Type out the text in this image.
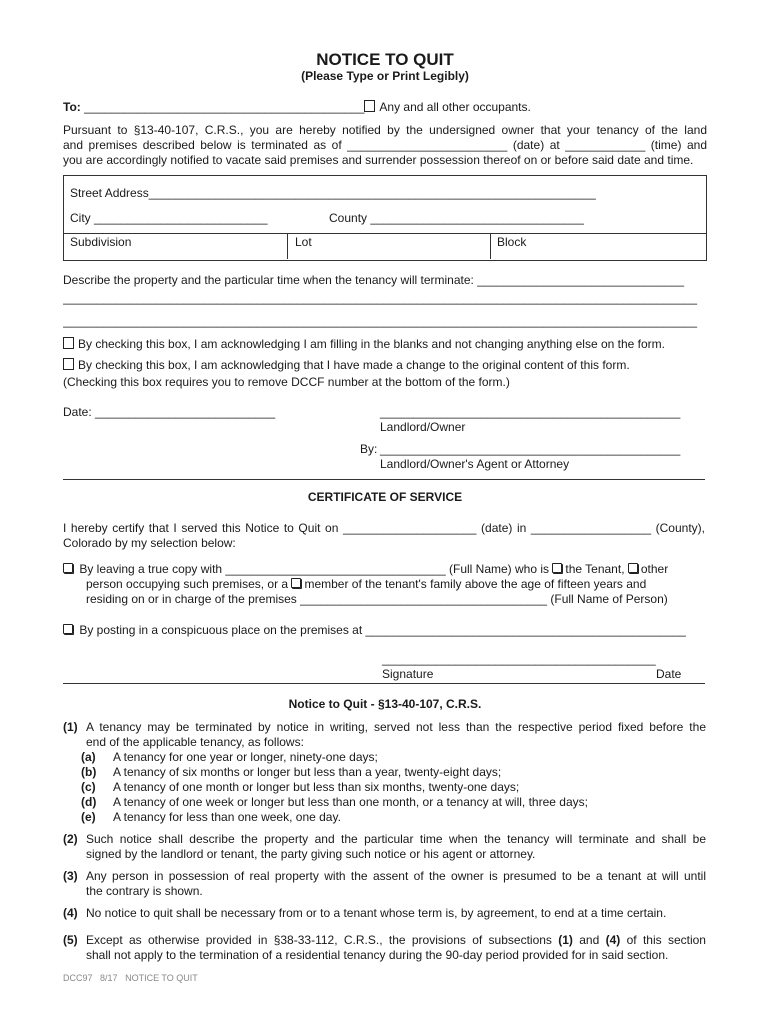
NOTICE TO QUIT
(Please Type or Print Legibly)
To: __________________________________________ Any and all other occupants.
Pursuant to §13-40-107, C.R.S., you are hereby notified by the undersigned owner that your tenancy of the land
and premises described below is terminated as of ________________________ (date) at ____________ (time) and
you are accordingly notified to vacate said premises and surrender possession thereof on or before said date and time.
Street Address___________________________________________________________________
City __________________________	County ________________________________
Subdivision	Lot	Block
Describe the property and the particular time when the tenancy will terminate: _______________________________
_______________________________________________________________________________________________
_______________________________________________________________________________________________
By checking this box, I am acknowledging I am filling in the blanks and not changing anything else on the form.
By checking this box, I am acknowledging that I have made a change to the original content of this form.
(Checking this box requires you to remove DCCF number at the bottom of the form.)
Date: ___________________________	_____________________________________________
Landlord/Owner
By: _____________________________________________
Landlord/Owner's Agent or Attorney
CERTIFICATE OF SERVICE
I hereby certify that I served this Notice to Quit on ____________________ (date) in __________________ (County),
Colorado by my selection below:
By leaving a true copy with _________________________________ (Full Name) who is the Tenant, other
person occupying such premises, or a member of the tenant's family above the age of fifteen years and
residing on or in charge of the premises _____________________________________ (Full Name of Person)
By posting in a conspicuous place on the premises at ________________________________________________
_________________________________________
Signature	Date
Notice to Quit - §13-40-107, C.R.S.
(1) A tenancy may be terminated by notice in writing, served not less than the respective period fixed before the
end of the applicable tenancy, as follows:
(a) A tenancy for one year or longer, ninety-one days;
(b) A tenancy of six months or longer but less than a year, twenty-eight days;
(c) A tenancy of one month or longer but less than six months, twenty-one days;
(d) A tenancy of one week or longer but less than one month, or a tenancy at will, three days;
(e) A tenancy for less than one week, one day.
(2) Such notice shall describe the property and the particular time when the tenancy will terminate and shall be
signed by the landlord or tenant, the party giving such notice or his agent or attorney.
(3) Any person in possession of real property with the assent of the owner is presumed to be a tenant at will until
the contrary is shown.
(4) No notice to quit shall be necessary from or to a tenant whose term is, by agreement, to end at a time certain.
(5) Except as otherwise provided in §38-33-112, C.R.S., the provisions of subsections (1) and (4) of this section
shall not apply to the termination of a residential tenancy during the 90-day period provided for in said section.
DCC97 8/17 NOTICE TO QUIT
